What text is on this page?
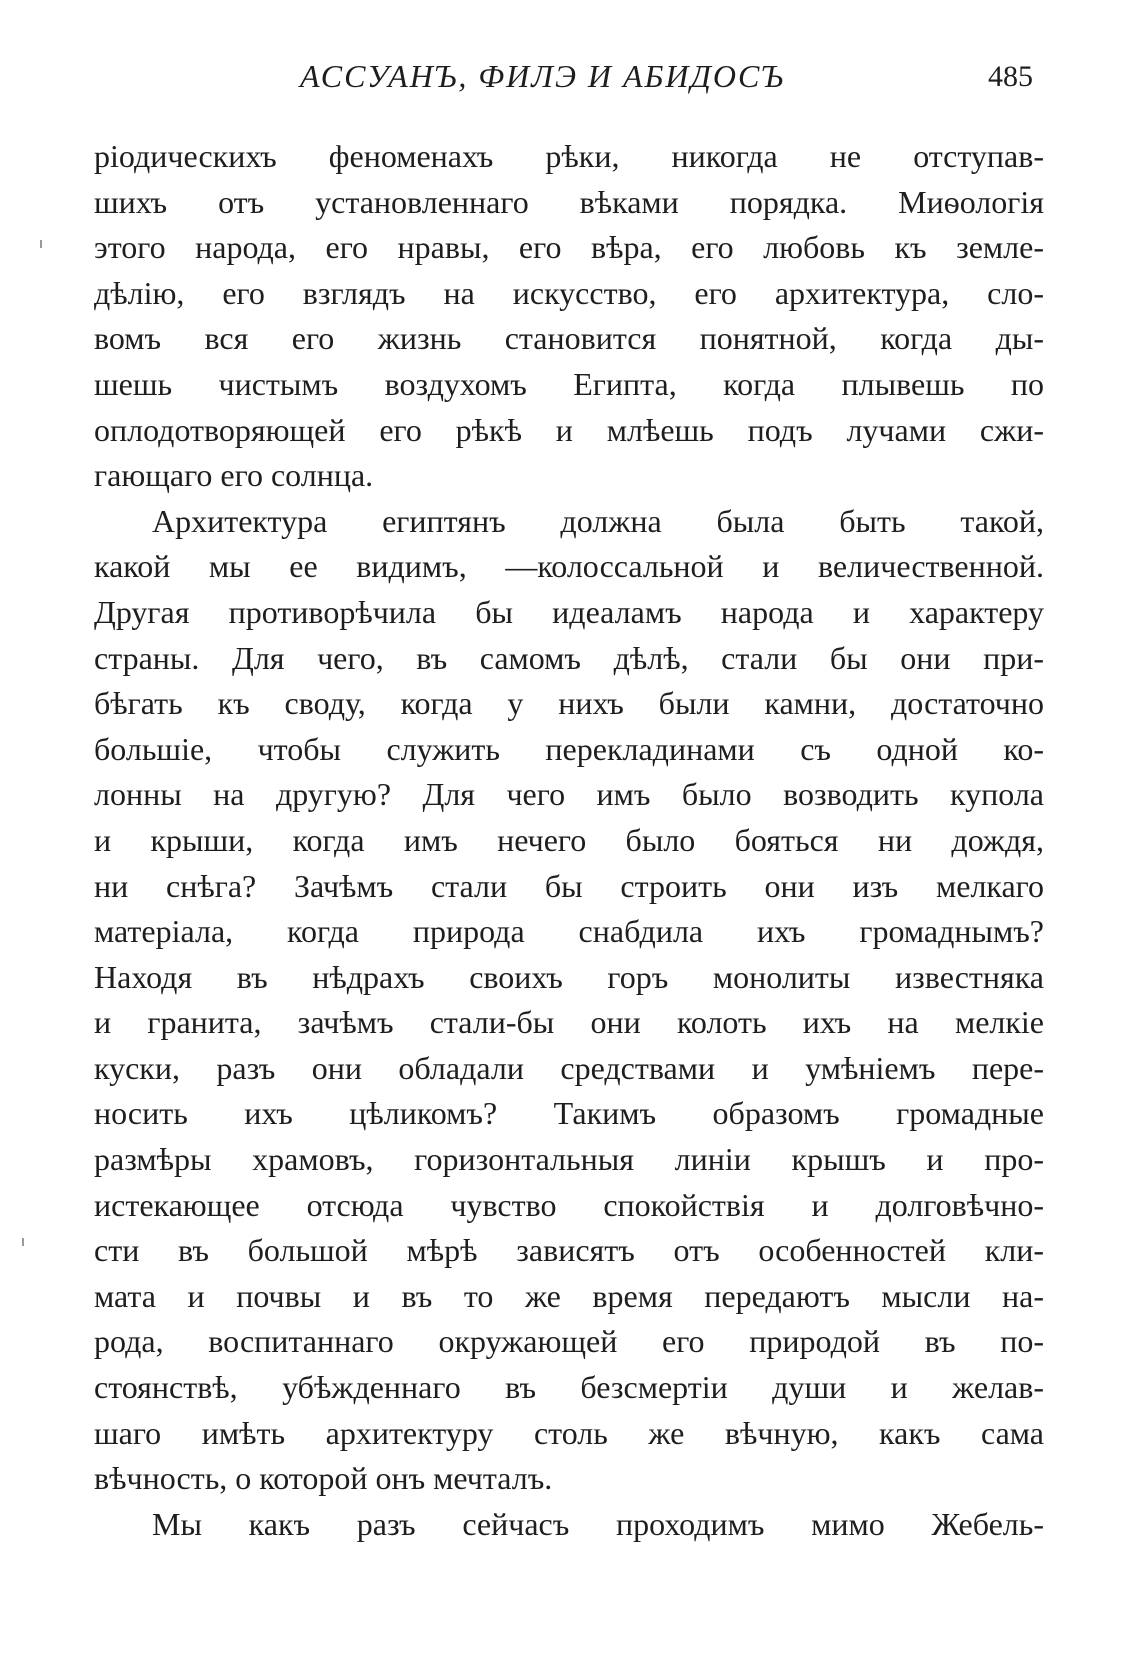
АССУАНЪ, ФИЛЭ И АБИДОСЪ	485
ріодическихъ феноменахъ рѣки, никогда не отступав-
шихъ отъ установленнаго вѣками порядка. Миѳологія
этого народа, его нравы, его вѣра, его любовь къ земле-
дѣлію, его взглядъ на искусство, его архитектура, сло-
вомъ вся его жизнь становится понятной, когда ды-
шешь чистымъ воздухомъ Египта, когда плывешь по
оплодотворяющей его рѣкѣ и млѣешь подъ лучами сжи-
гающаго его солнца.
Архитектура египтянъ должна была быть такой,
какой мы ее видимъ, —колоссальной и величественной.
Другая противорѣчила бы идеаламъ народа и характеру
страны. Для чего, въ самомъ дѣлѣ, стали бы они при-
бѣгать къ своду, когда у нихъ были камни, достаточно
большіе, чтобы служить перекладинами съ одной ко-
лонны на другую? Для чего имъ было возводить купола
и крыши, когда имъ нечего было бояться ни дождя,
ни снѣга? Зачѣмъ стали бы строить они изъ мелкаго
матеріала, когда природа снабдила ихъ громаднымъ?
Находя въ нѣдрахъ своихъ горъ монолиты известняка
и гранита, зачѣмъ стали-бы они колоть ихъ на мелкіе
куски, разъ они обладали средствами и умѣніемъ пере-
носить ихъ цѣликомъ? Такимъ образомъ громадные
размѣры храмовъ, горизонтальныя линіи крышъ и про-
истекающее отсюда чувство спокойствія и долговѣчно-
сти въ большой мѣрѣ зависятъ отъ особенностей кли-
мата и почвы и въ то же время передаютъ мысли на-
рода, воспитаннаго окружающей его природой въ по-
стоянствѣ, убѣжденнаго въ безсмертіи души и желав-
шаго имѣть архитектуру столь же вѣчную, какъ сама
вѣчность, о которой онъ мечталъ.
Мы какъ разъ сейчасъ проходимъ мимо Жебель-
